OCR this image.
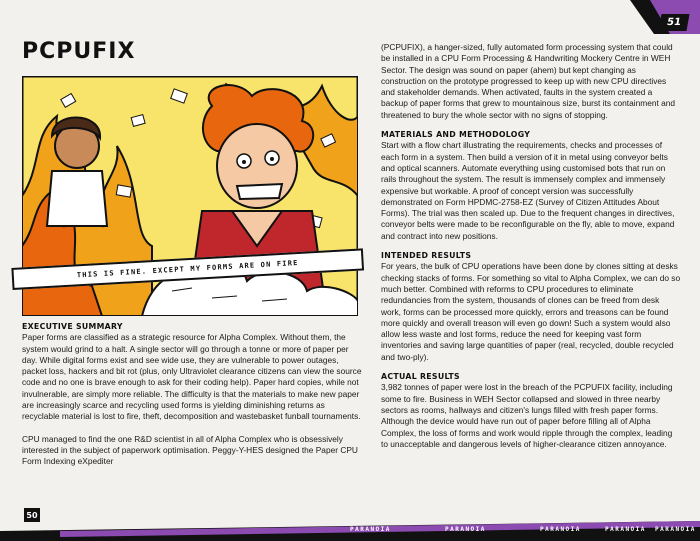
51
PCPUFIX
THIS IS FINE. EXCEPT MY FORMS ARE ON FIRE
EXECUTIVE SUMMARY

Paper forms are classified as a strategic resource for Alpha Complex. Without them, the system would grind to a halt. A single sector will go through a tonne or more of paper per day. While digital forms exist and see wide use, they are vulnerable to power outages, packet loss, hackers and bit rot (plus, only Ultraviolet clearance citizens can view the source code and no one is brave enough to ask for their coding help). Paper hard copies, while not invulnerable, are simply more reliable. The difficulty is that the materials to make new paper are increasingly scarce and recycling used forms is yielding diminishing returns as recyclable material is lost to fire, theft, decomposition and wastebasket funball tournaments.

CPU managed to find the one R&D scientist in all of Alpha Complex who is obsessively interested in the subject of paperwork optimisation. Peggy-Y-HES designed the Paper CPU Form Indexing eXpediter

(PCPUFIX), a hanger-sized, fully automated form processing system that could be installed in a CPU Form Processing & Handwriting Mockery Centre in WEH Sector. The design was sound on paper (ahem) but kept changing as construction on the prototype progressed to keep up with new CPU directives and stakeholder demands. When activated, faults in the system created a backup of paper forms that grew to mountainous size, burst its containment and threatened to bury the whole sector with no signs of stopping.

MATERIALS AND METHODOLOGY

Start with a flow chart illustrating the requirements, checks and processes of each form in a system. Then build a version of it in metal using conveyor belts and optical scanners. Automate everything using customised bots that run on rails throughout the system. The result is immensely complex and immensely expensive but workable. A proof of concept version was successfully demonstrated on Form HPDMC-2758-EZ (Survey of Citizen Attitudes About Forms). The trial was then scaled up. Due to the frequent changes in directives, conveyor belts were made to be reconfigurable on the fly, able to move, expand and contract into new positions.

INTENDED RESULTS

For years, the bulk of CPU operations have been done by clones sitting at desks checking stacks of forms. For something so vital to Alpha Complex, we can do so much better. Combined with reforms to CPU procedures to eliminate redundancies from the system, thousands of clones can be freed from desk work, forms can be processed more quickly, errors and treasons can be found more quickly and overall treason will even go down! Such a system would also allow less waste and lost forms, reduce the need for keeping vast form inventories and saving large quantities of paper (real, recycled, double recycled and two-ply).

ACTUAL RESULTS

3,982 tonnes of paper were lost in the breach of the PCPUFIX facility, including some to fire. Business in WEH Sector collapsed and slowed in three nearby sectors as rooms, hallways and citizen's lungs filled with fresh paper forms. Although the device would have run out of paper before filling all of Alpha Complex, the loss of forms and work would ripple through the complex, leading to unacceptable and dangerous levels of higher-clearance citizen annoyance.

50
PARANOIA	PARANOIA	PARANOIA	PARANOIA PARANOIA
